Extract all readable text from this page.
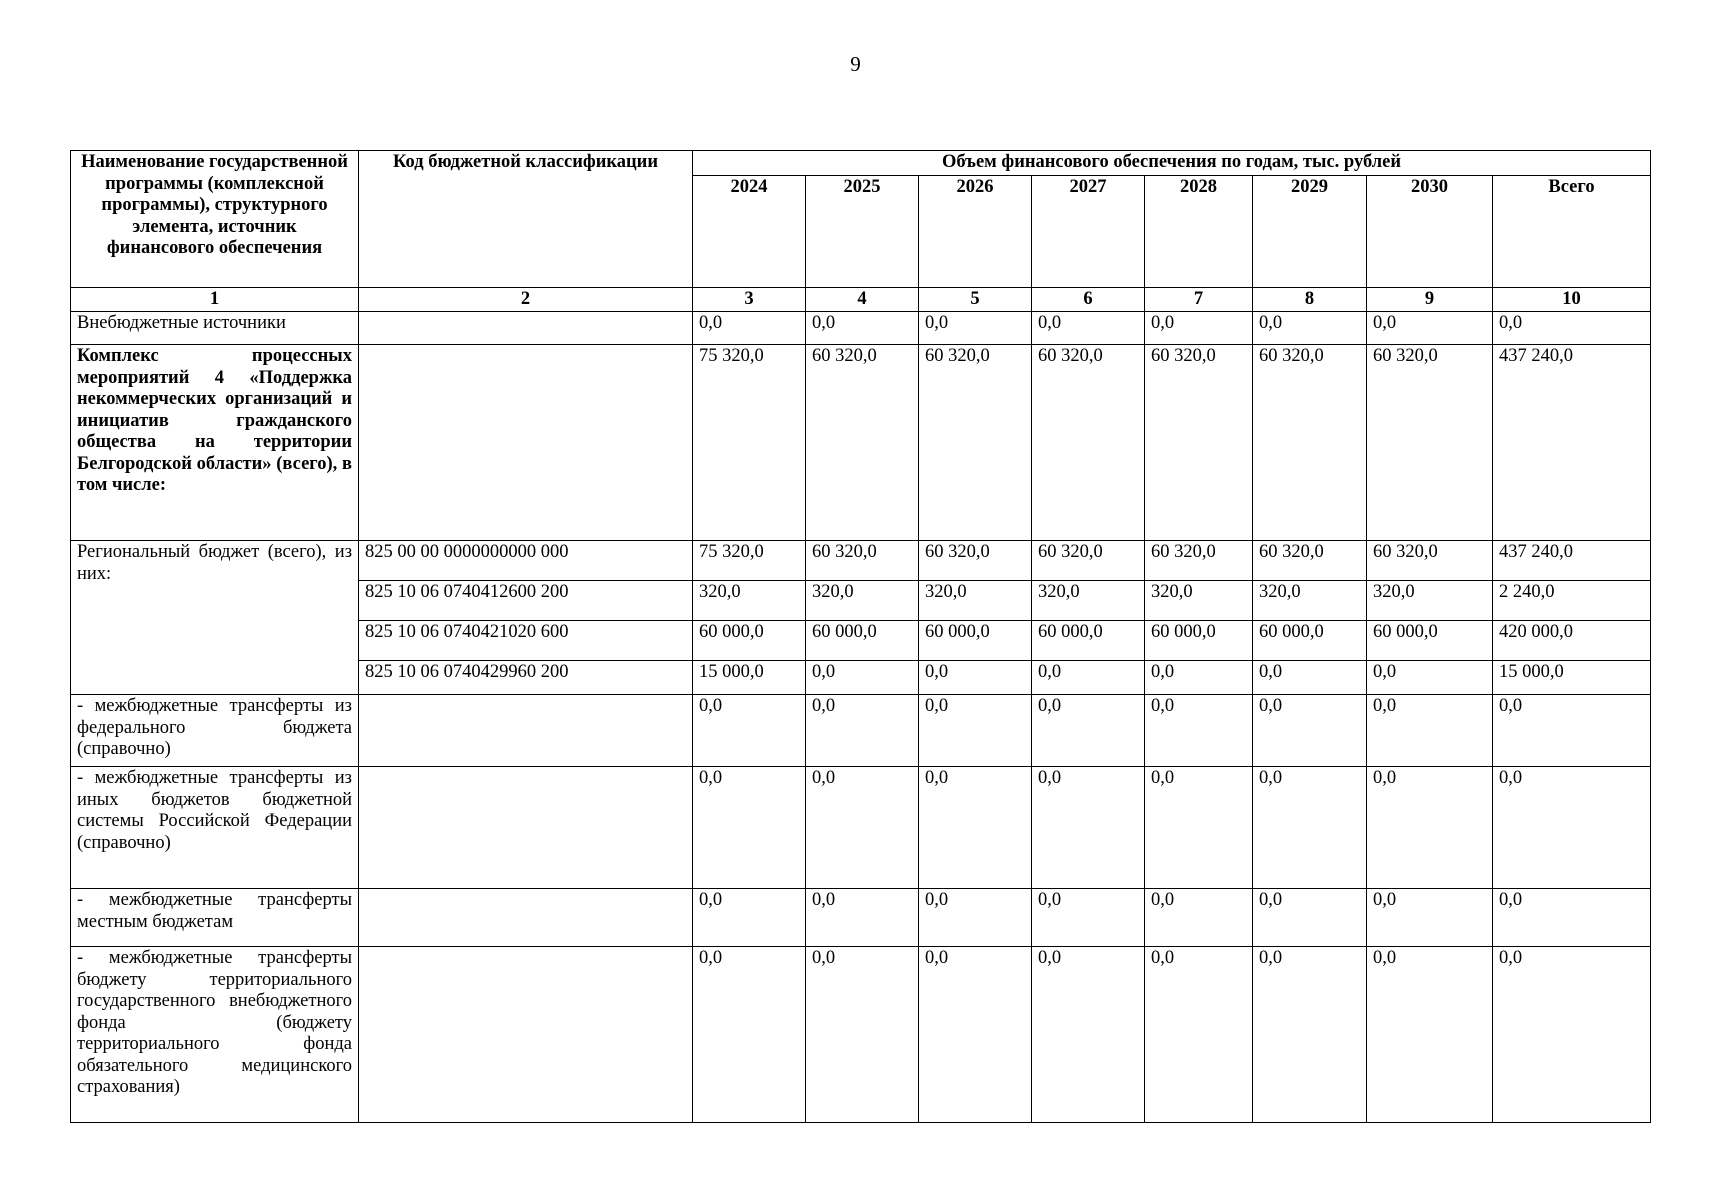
9
Наименование государственной программы (комплексной программы), структурного элемента, источник финансового обеспечения	Код бюджетной классификации	Объем финансового обеспечения по годам, тыс. рублей							
		2024	2025	2026	2027	2028	2029	2030	Всего
1	2	3	4	5	6	7	8	9	10
Внебюджетные источники		0,0	0,0	0,0	0,0	0,0	0,0	0,0	0,0
Комплекс процессных мероприятий 4 «Поддержка некоммерческих организаций и инициатив гражданского общества на территории Белгородской области» (всего), в том числе:		75 320,0	60 320,0	60 320,0	60 320,0	60 320,0	60 320,0	60 320,0	437 240,0
Региональный бюджет (всего), из них:	825 00 00 0000000000 000	75 320,0	60 320,0	60 320,0	60 320,0	60 320,0	60 320,0	60 320,0	437 240,0
	825 10 06 0740412600 200	320,0	320,0	320,0	320,0	320,0	320,0	320,0	2 240,0
	825 10 06 0740421020 600	60 000,0	60 000,0	60 000,0	60 000,0	60 000,0	60 000,0	60 000,0	420 000,0
	825 10 06 0740429960 200	15 000,0	0,0	0,0	0,0	0,0	0,0	0,0	15 000,0
- межбюджетные трансферты из федерального бюджета (справочно)		0,0	0,0	0,0	0,0	0,0	0,0	0,0	0,0
- межбюджетные трансферты из иных бюджетов бюджетной системы Российской Федерации (справочно)		0,0	0,0	0,0	0,0	0,0	0,0	0,0	0,0
- межбюджетные трансферты местным бюджетам		0,0	0,0	0,0	0,0	0,0	0,0	0,0	0,0
- межбюджетные трансферты бюджету территориального государственного внебюджетного фонда (бюджету территориального фонда обязательного медицинского страхования)		0,0	0,0	0,0	0,0	0,0	0,0	0,0	0,0
